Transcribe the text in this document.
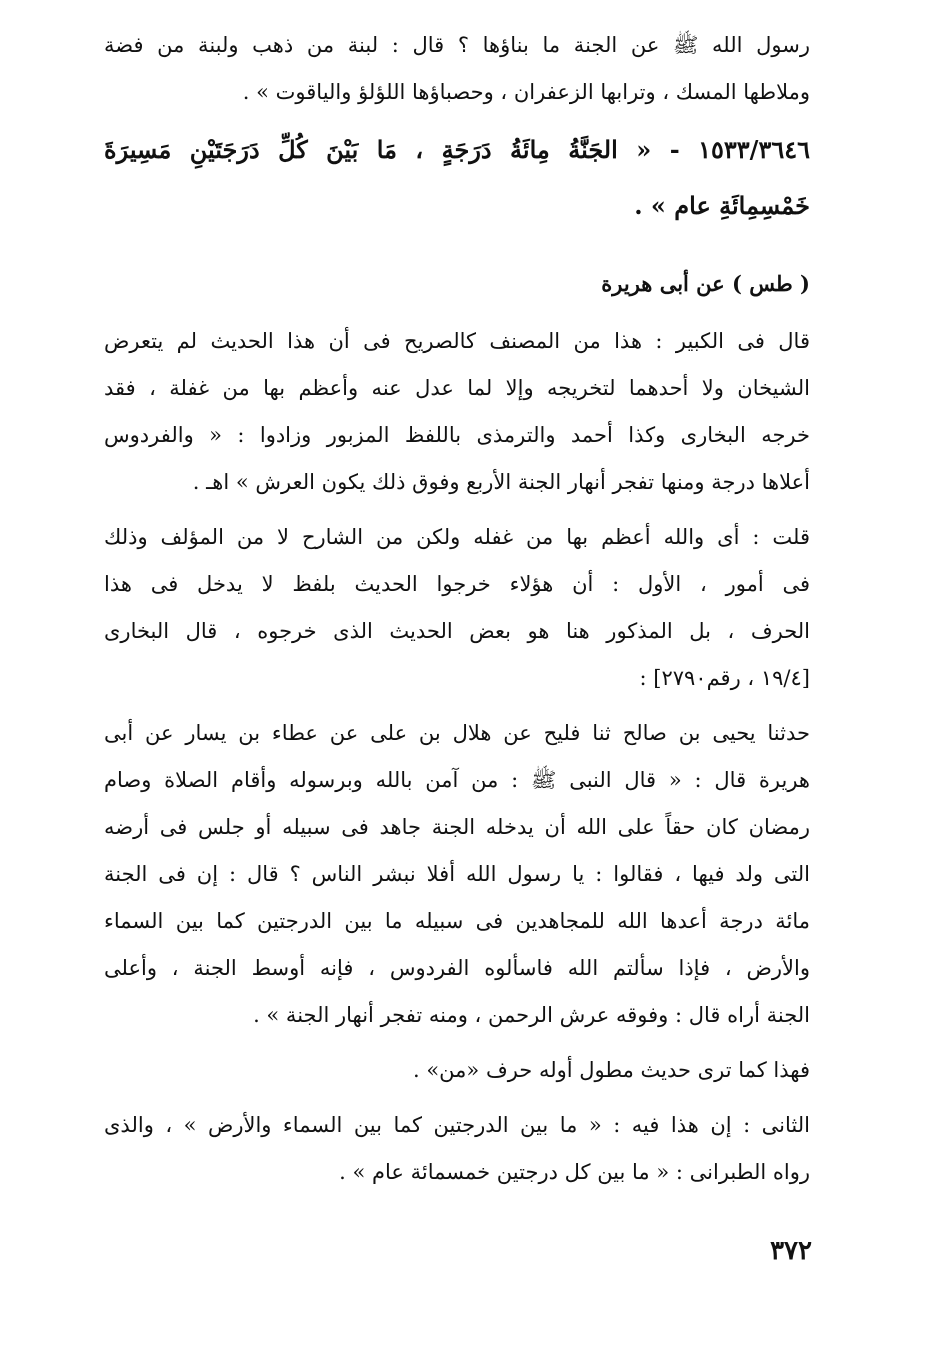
رسول الله ﷺ عن الجنة ما بناؤها ؟ قال : لبنة من ذهب ولبنة من فضة
وملاطها المسك ، وترابها الزعفران ، وحصباؤها اللؤلؤ والياقوت » .

١٥٣٣/٣٦٤٦ - « الجَنَّةُ مِائَةُ دَرَجَةٍ ، مَا بَيْنَ كُلِّ دَرَجَتَيْنِ مَسِيرَةَ
خَمْسِمِائَةِ عام » .

( طس ) عن أبى هريرة

قال فى الكبير : هذا من المصنف كالصريح فى أن هذا الحديث لم يتعرض
الشيخان ولا أحدهما لتخريجه وإلا لما عدل عنه وأعظم بها من غفلة ، فقد
خرجه البخارى وكذا أحمد والترمذى باللفظ المزبور وزادوا : « والفردوس
أعلاها درجة ومنها تفجر أنهار الجنة الأربع وفوق ذلك يكون العرش » اهـ .

قلت : أى والله أعظم بها من غفله ولكن من الشارح لا من المؤلف وذلك
فى أمور ، الأول : أن هؤلاء خرجوا الحديث بلفظ لا يدخل فى هذا
الحرف ، بل المذكور هنا هو بعض الحديث الذى خرجوه ، قال البخارى
[١٩/٤ ، رقم٢٧٩٠] :

حدثنا يحيى بن صالح ثنا فليح عن هلال بن على عن عطاء بن يسار عن أبى
هريرة قال : « قال النبى ﷺ : من آمن بالله وبرسوله وأقام الصلاة وصام
رمضان كان حقاً على الله أن يدخله الجنة جاهد فى سبيله أو جلس فى أرضه
التى ولد فيها ، فقالوا : يا رسول الله أفلا نبشر الناس ؟ قال : إن فى الجنة
مائة درجة أعدها الله للمجاهدين فى سبيله ما بين الدرجتين كما بين السماء
والأرض ، فإذا سألتم الله فاسألوه الفردوس ، فإنه أوسط الجنة ، وأعلى
الجنة أراه قال : وفوقه عرش الرحمن ، ومنه تفجر أنهار الجنة » .

فهذا كما ترى حديث مطول أوله حرف «من» .

الثانى : إن هذا فيه : « ما بين الدرجتين كما بين السماء والأرض » ، والذى
رواه الطبرانى : « ما بين كل درجتين خمسمائة عام » .

٣٧٢
